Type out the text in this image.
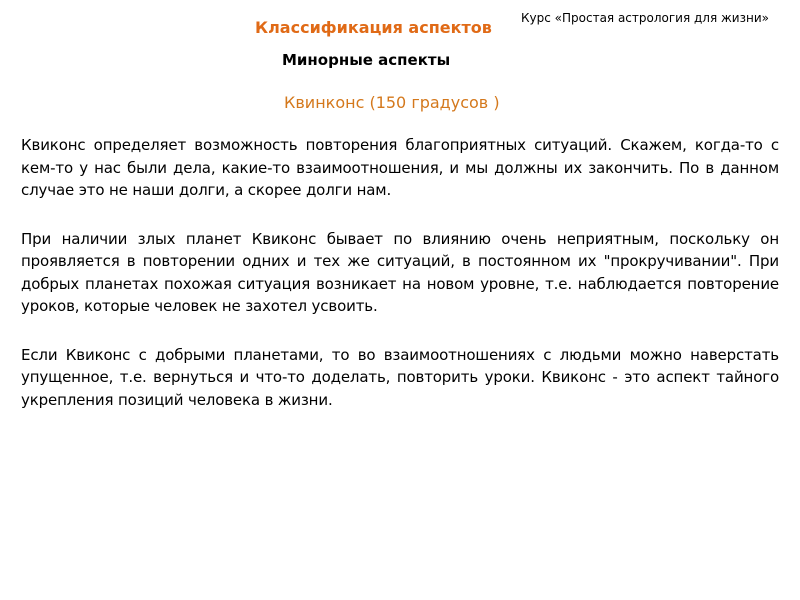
Курс «Простая астрология для жизни»
Классификация аспектов
Минорные аспекты
Квинконс (150 градусов )

Квиконс определяет возможность повторения благоприятных ситуаций. Скажем, когда-то с кем-то у нас были дела, какие-то взаимоотношения, и мы должны их закончить. По в данном случае это не наши долги, а скорее долги нам.

При наличии злых планет Квиконс бывает по влиянию очень неприятным, поскольку он проявляется в повторении одних и тех же ситуаций, в постоянном их "прокручивании". При добрых планетах похожая ситуация возникает на новом уровне, т.е. наблюдается повторение уроков, которые человек не захотел усвоить.

Если Квиконс с добрыми планетами, то во взаимоотношениях с людьми можно наверстать упущенное, т.е. вернуться и что-то доделать, повторить уроки. Квиконс - это аспект тайного укрепления позиций человека в жизни.
